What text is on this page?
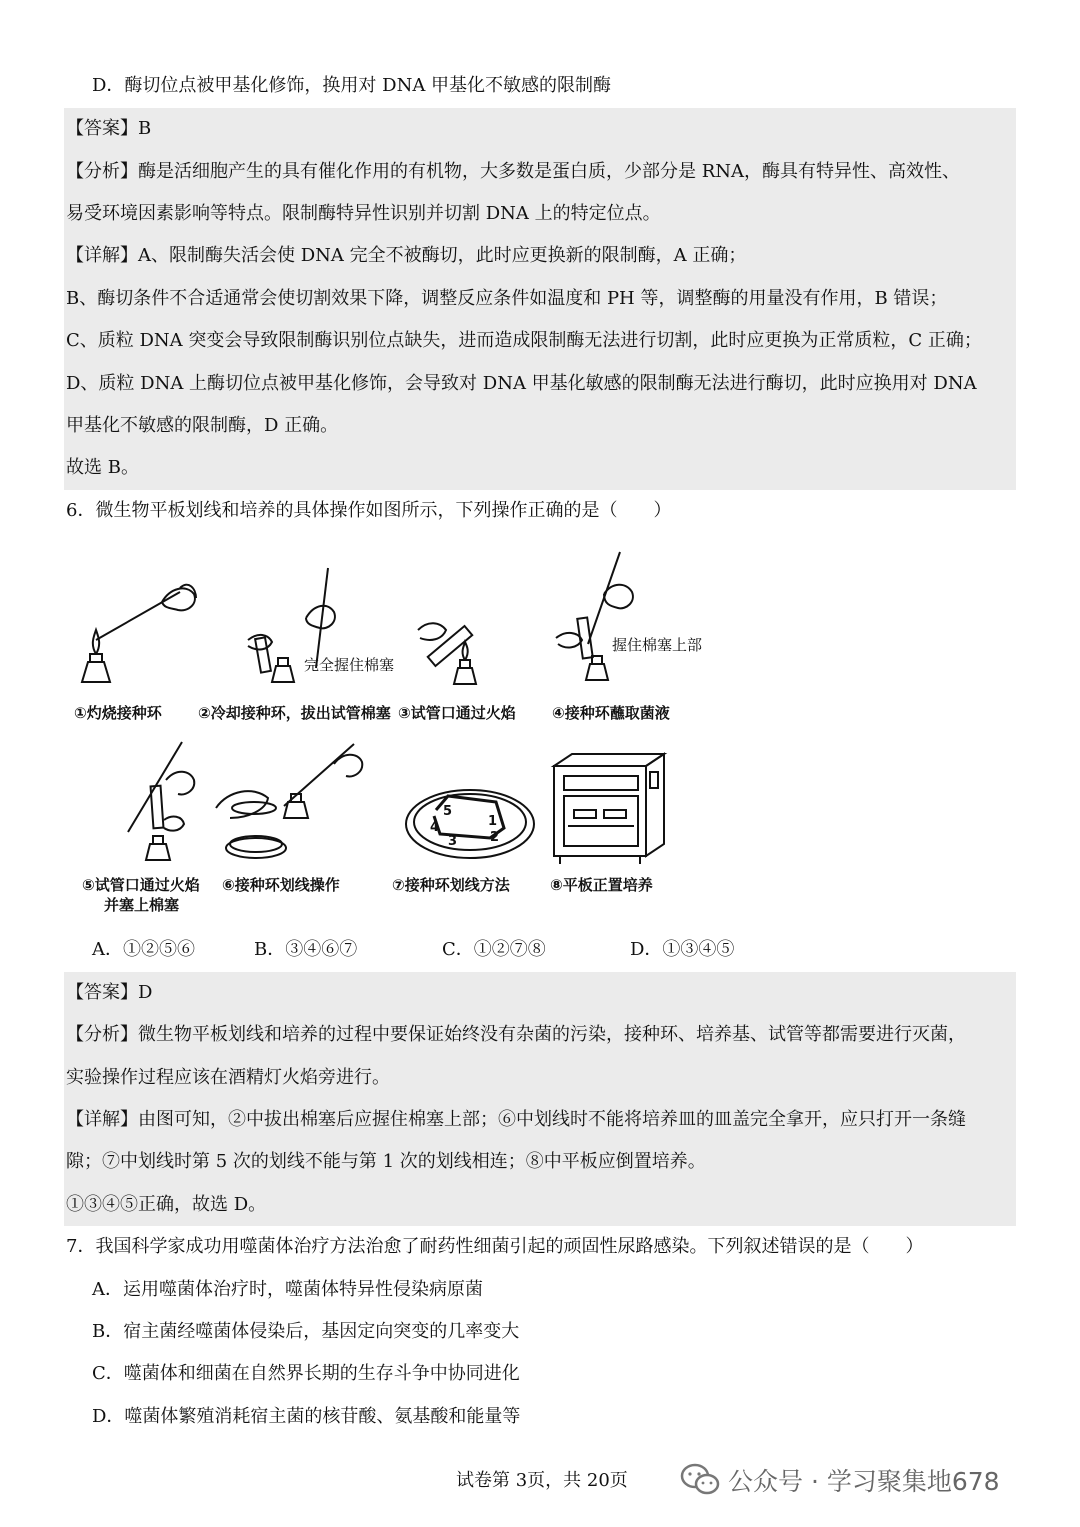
D．酶切位点被甲基化修饰，换用对 DNA 甲基化不敏感的限制酶
【答案】B
【分析】酶是活细胞产生的具有催化作用的有机物，大多数是蛋白质，少部分是 RNA，酶具有特异性、高效性、
易受环境因素影响等特点。限制酶特异性识别并切割 DNA 上的特定位点。
【详解】A、限制酶失活会使 DNA 完全不被酶切，此时应更换新的限制酶，A 正确；
B、酶切条件不合适通常会使切割效果下降，调整反应条件如温度和 PH 等，调整酶的用量没有作用，B 错误；
C、质粒 DNA 突变会导致限制酶识别位点缺失，进而造成限制酶无法进行切割，此时应更换为正常质粒，C 正确；
D、质粒 DNA 上酶切位点被甲基化修饰，会导致对 DNA 甲基化敏感的限制酶无法进行酶切，此时应换用对 DNA
甲基化不敏感的限制酶，D 正确。
故选 B。
6．微生物平板划线和培养的具体操作如图所示，下列操作正确的是（　　）
①灼烧接种环
完全握住棉塞
②冷却接种环，拔出试管棉塞 ③试管口通过火焰
握住棉塞上部
④接种环蘸取菌液
⑤试管口通过火焰
并塞上棉塞
⑥接种环划线操作
5
1
2
3
4
⑦接种环划线方法	⑧平板正置培养
A．①②⑤⑥	B．③④⑥⑦	C．①②⑦⑧	D．①③④⑤
【答案】D
【分析】微生物平板划线和培养的过程中要保证始终没有杂菌的污染，接种环、培养基、试管等都需要进行灭菌，
实验操作过程应该在酒精灯火焰旁进行。
【详解】由图可知，②中拔出棉塞后应握住棉塞上部；⑥中划线时不能将培养皿的皿盖完全拿开，应只打开一条缝
隙；⑦中划线时第 5 次的划线不能与第 1 次的划线相连；⑧中平板应倒置培养。
①③④⑤正确，故选 D。
7．我国科学家成功用噬菌体治疗方法治愈了耐药性细菌引起的顽固性尿路感染。下列叙述错误的是（　　）
A．运用噬菌体治疗时，噬菌体特异性侵染病原菌
B．宿主菌经噬菌体侵染后，基因定向突变的几率变大
C．噬菌体和细菌在自然界长期的生存斗争中协同进化
D．噬菌体繁殖消耗宿主菌的核苷酸、氨基酸和能量等
试卷第 3页，共 20页	公众号 · 学习聚集地678
